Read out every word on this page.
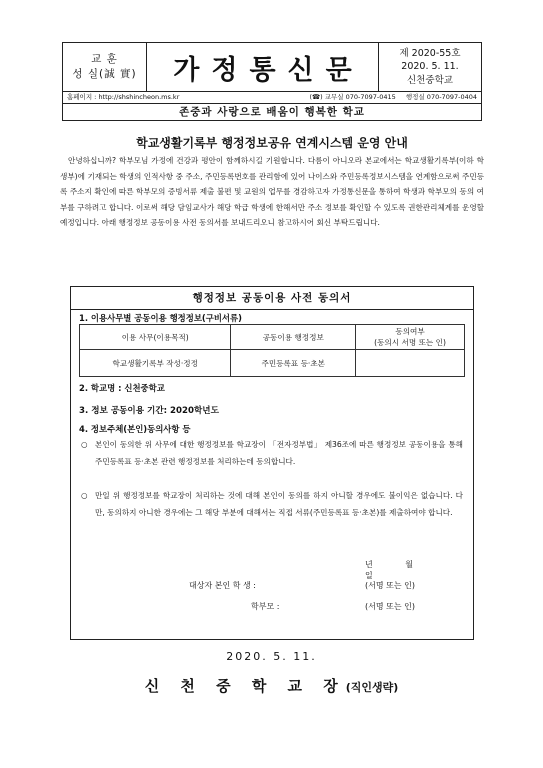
교 훈
성 실(誠 實)	가정통신문
제 2020-55호
2020. 5. 11.
신천중학교
홈페이지 : http://shshincheon.ms.kr	(☎) 교무실 070-7097-0415 행정실 070-7097-0404
존중과 사랑으로 배움이 행복한 학교
학교생활기록부 행정정보공유 연계시스템 운영 안내

안녕하십니까? 학부모님 가정에 건강과 평안이 함께하시길 기원합니다. 다름이 아니오라 본교에서는 학교생활기록부(이하 학생부)에 기재되는 학생의 인적사항 중 주소, 주민등록번호를 관리함에 있어 나이스와 주민등록정보시스템을 연계함으로써 주민등록 주소지 확인에 따른 학부모의 증빙서류 제출 불편 및 교원의 업무를 경감하고자 가정통신문을 통하여 학생과 학부모의 동의 여부를 구하려고 합니다. 이로써 해당 담임교사가 해당 학급 학생에 한해서만 주소 정보를 확인할 수 있도록 권한관리체계를 운영할 예정입니다. 아래 행정정보 공동이용 사전 동의서를 보내드리오니 참고하시어 회신 부탁드립니다.

행정정보 공동이용 사전 동의서
1. 이용사무별 공동이용 행정정보(구비서류)
이용 사무(이용목적)	공동이용 행정정보	동의여부
(동의시 서명 또는 인)
학교생활기록부 작성·정정	주민등록표 등·초본	
2. 학교명 : 신천중학교
3. 정보 공동이용 기간: 2020학년도
4. 정보주체(본인)동의사항 등
○ 본인이 동의한 위 사무에 대한 행정정보를 학교장이 「전자정부법」 제36조에 따른 행정정보 공동이용을 통해 주민등록표 등·초본 관련 행정정보를 처리하는데 동의합니다.
○ 만일 위 행정정보를 학교장이 처리하는 것에 대해 본인이 동의를 하지 아니할 경우에도 불이익은 없습니다. 다만, 동의하지 아니한 경우에는 그 해당 부분에 대해서는 직접 서류(주민등록표 등·초본)를 제출하여야 합니다.
년	월 일
대상자 본인 학 생 :	(서명 또는 인)
학부모 :	(서명 또는 인)
2020. 5. 11.
신 천 중 학 교 장(직인생략)
